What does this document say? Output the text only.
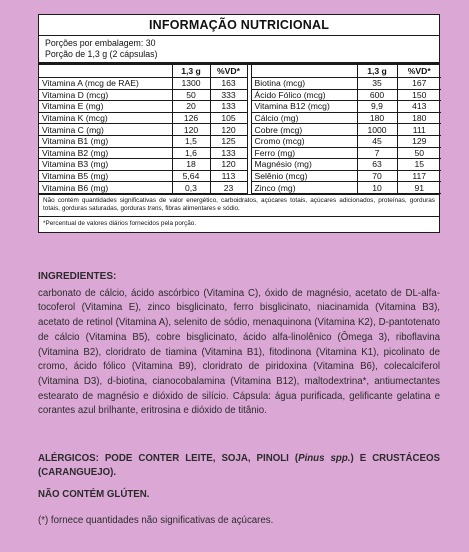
INFORMAÇÃO NUTRICIONAL
Porções por embalagem: 30
Porção de 1,3 g (2 cápsulas)
	1,3 g	%VD*			1,3 g	%VD*
Vitamina A (mcg de RAE)	1300	163		Biotina (mcg)	35	167
Vitamina D (mcg)	50	333		Ácido Fólico (mcg)	600	150
Vitamina E (mg)	20	133		Vitamina B12 (mcg)	9,9	413
Vitamina K (mcg)	126	105		Cálcio (mg)	180	180
Vitamina C (mg)	120	120		Cobre (mcg)	1000	111
Vitamina B1 (mg)	1,5	125		Cromo (mcg)	45	129
Vitamina B2 (mg)	1,6	133		Ferro (mg)	7	50
Vitamina B3 (mg)	18	120		Magnésio (mg)	63	15
Vitamina B5 (mg)	5,64	113		Selênio (mcg)	70	117
Vitamina B6 (mg)	0,3	23		Zinco (mg)	10	91
Não contém quantidades significativas de valor energético, carboidratos, açúcares totais, açúcares adicionados, proteínas, gorduras totais, gorduras saturadas, gorduras trans, fibras alimentares e sódio.
*Percentual de valores diários fornecidos pela porção.
INGREDIENTES:

carbonato de cálcio, ácido ascórbico (Vitamina C), óxido de magnésio, acetato de DL-alfa-tocoferol (Vitamina E), zinco bisglicinato, ferro bisglicinato, niacinamida (Vitamina B3), acetato de retinol (Vitamina A), selenito de sódio, menaquinona (Vitamina K2), D-pantotenato de cálcio (Vitamina B5), cobre bisglicinato, ácido alfa-linolênico (Ômega 3), riboflavina (Vitamina B2), cloridrato de tiamina (Vitamina B1), fitodinona (Vitamina K1), picolinato de cromo, ácido fólico (Vitamina B9), cloridrato de piridoxina (Vitamina B6), colecalciferol (Vitamina D3), d-biotina, cianocobalamina (Vitamina B12), maltodextrina*, antiumectantes estearato de magnésio e dióxido de silício. Cápsula: água purificada, gelificante gelatina e corantes azul brilhante, eritrosina e dióxido de titânio.

ALÉRGICOS: PODE CONTER LEITE, SOJA, PINOLI (Pinus spp.) E CRUSTÁCEOS (CARANGUEJO).
NÃO CONTÉM GLÚTEN.
(*) fornece quantidades não significativas de açúcares.
